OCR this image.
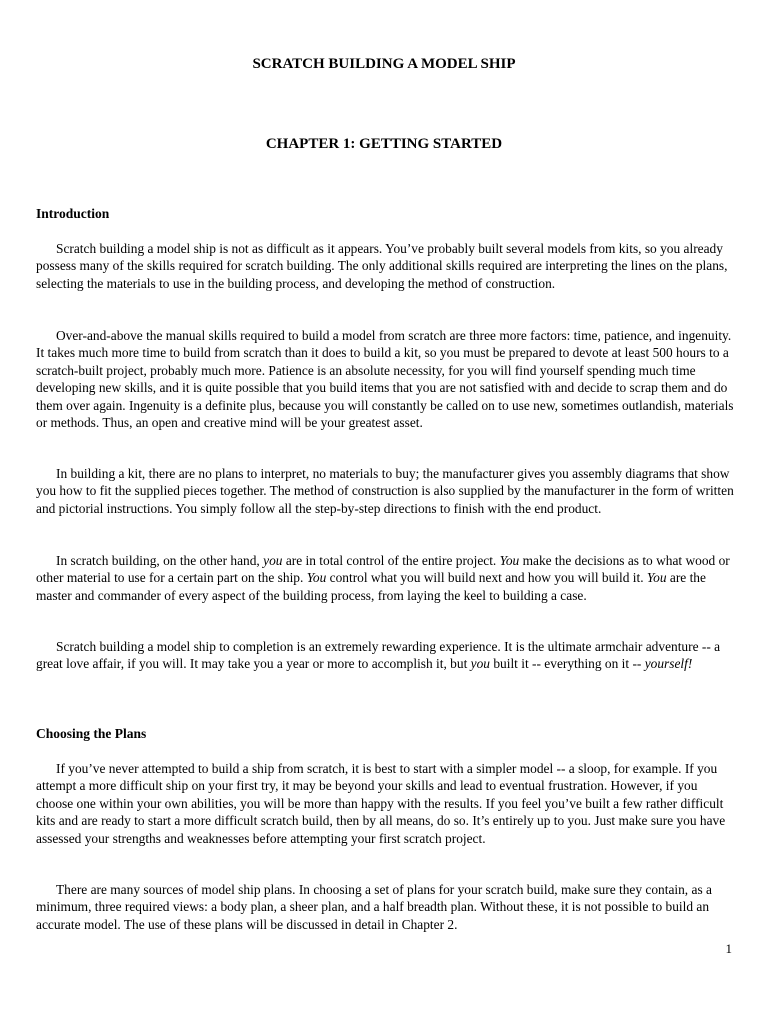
SCRATCH BUILDING A MODEL SHIP
CHAPTER 1: GETTING STARTED
Introduction

Scratch building a model ship is not as difficult as it appears. You’ve probably built several models from kits, so you already possess many of the skills required for scratch building. The only additional skills required are interpreting the lines on the plans, selecting the materials to use in the building process, and developing the method of construction.

Over-and-above the manual skills required to build a model from scratch are three more factors: time, patience, and ingenuity. It takes much more time to build from scratch than it does to build a kit, so you must be prepared to devote at least 500 hours to a scratch-built project, probably much more. Patience is an absolute necessity, for you will find yourself spending much time developing new skills, and it is quite possible that you build items that you are not satisfied with and decide to scrap them and do them over again. Ingenuity is a definite plus, because you will constantly be called on to use new, sometimes outlandish, materials or methods. Thus, an open and creative mind will be your greatest asset.

In building a kit, there are no plans to interpret, no materials to buy; the manufacturer gives you assembly diagrams that show you how to fit the supplied pieces together. The method of construction is also supplied by the manufacturer in the form of written and pictorial instructions. You simply follow all the step-by-step directions to finish with the end product.

In scratch building, on the other hand, you are in total control of the entire project. You make the decisions as to what wood or other material to use for a certain part on the ship. You control what you will build next and how you will build it. You are the master and commander of every aspect of the building process, from laying the keel to building a case.

Scratch building a model ship to completion is an extremely rewarding experience. It is the ultimate armchair adventure -- a great love affair, if you will. It may take you a year or more to accomplish it, but you built it -- everything on it -- yourself!

Choosing the Plans

If you’ve never attempted to build a ship from scratch, it is best to start with a simpler model -- a sloop, for example. If you attempt a more difficult ship on your first try, it may be beyond your skills and lead to eventual frustration. However, if you choose one within your own abilities, you will be more than happy with the results. If you feel you’ve built a few rather difficult kits and are ready to start a more difficult scratch build, then by all means, do so. It’s entirely up to you. Just make sure you have assessed your strengths and weaknesses before attempting your first scratch project.

There are many sources of model ship plans. In choosing a set of plans for your scratch build, make sure they contain, as a minimum, three required views: a body plan, a sheer plan, and a half breadth plan. Without these, it is not possible to build an accurate model. The use of these plans will be discussed in detail in Chapter 2.

1
